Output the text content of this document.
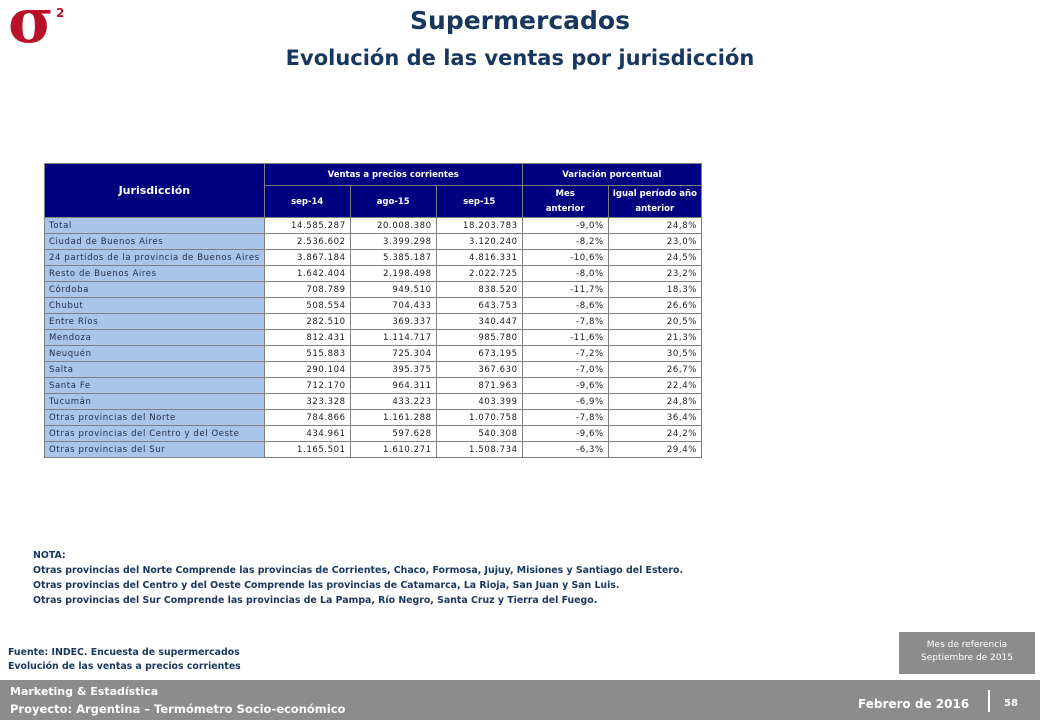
σ 2	Supermercados
Evolución de las ventas por jurisdicción
Jurisdicción	Ventas a precios corrientes			Variación porcentual	
	sep-14	ago-15	sep-15	Mes	Igual período año
				anterior	anterior
Total	14.585.287	20.008.380	18.203.783	-9,0%	24,8%
Ciudad de Buenos Aires	2.536.602	3.399.298	3.120.240	-8,2%	23,0%
24 partidos de la provincia de Buenos Aires	3.867.184	5.385.187	4.816.331	-10,6%	24,5%
Resto de Buenos Aires	1.642.404	2.198.498	2.022.725	-8,0%	23,2%
Córdoba	708.789	949.510	838.520	-11,7%	18,3%
Chubut	508.554	704.433	643.753	-8,6%	26,6%
Entre Ríos	282.510	369.337	340.447	-7,8%	20,5%
Mendoza	812.431	1.114.717	985.780	-11,6%	21,3%
Neuquén	515.883	725.304	673.195	-7,2%	30,5%
Salta	290.104	395.375	367.630	-7,0%	26,7%
Santa Fe	712.170	964.311	871.963	-9,6%	22,4%
Tucumán	323.328	433.223	403.399	-6,9%	24,8%
Otras provincias del Norte	784.866	1.161.288	1.070.758	-7,8%	36,4%
Otras provincias del Centro y del Oeste	434.961	597.628	540.308	-9,6%	24,2%
Otras provincias del Sur	1.165.501	1.610.271	1.508.734	-6,3%	29,4%
NOTA:
Otras provincias del Norte Comprende las provincias de Corrientes, Chaco, Formosa, Jujuy, Misiones y Santiago del Estero.
Otras provincias del Centro y del Oeste Comprende las provincias de Catamarca, La Rioja, San Juan y San Luis.
Otras provincias del Sur Comprende las provincias de La Pampa, Río Negro, Santa Cruz y Tierra del Fuego.
Fuente: INDEC. Encuesta de supermercados
Evolución de las ventas a precios corrientes
Mes de referencia
Septiembre de 2015
Marketing & Estadística
Proyecto: Argentina – Termómetro Socio-económico	Febrero de 2016	58
